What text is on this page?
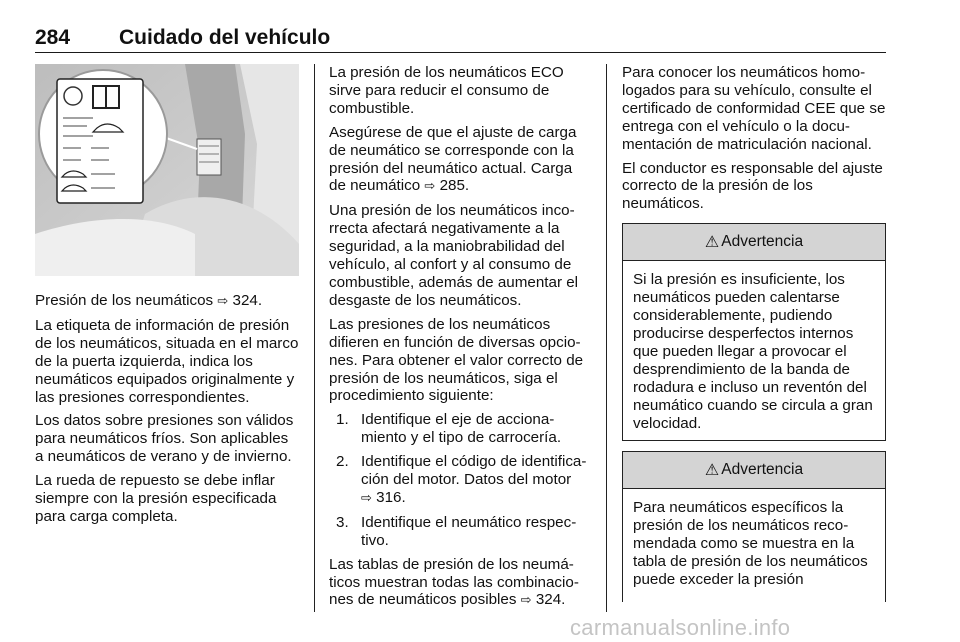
284 Cuidado del vehículo

Presión de los neumáticos ⇨ 324.

La etiqueta de información de presión de los neumáticos, situada en el marco de la puerta izquierda, indica los neumáticos equipados originalmente y las presiones correspondientes.

Los datos sobre presiones son válidos para neumáticos fríos. Son aplicables a neumáticos de verano y de invierno.

La rueda de repuesto se debe inflar siempre con la presión especificada para carga completa.

La presión de los neumáticos ECO sirve para reducir el consumo de combustible.

Asegúrese de que el ajuste de carga de neumático se corresponde con la presión del neumático actual. Carga de neumático ⇨ 285.

Una presión de los neumáticos incorrecta afectará negativamente a la seguridad, a la maniobrabilidad del vehículo, al confort y al consumo de combustible, además de aumentar el desgaste de los neumáticos.

Las presiones de los neumáticos difieren en función de diversas opciones. Para obtener el valor correcto de presión de los neumáticos, siga el procedimiento siguiente:

1. Identifique el eje de accionamiento y el tipo de carrocería.
2. Identifique el código de identificación del motor. Datos del motor
⇨ 316.
3. Identifique el neumático respectivo.

Las tablas de presión de los neumáticos muestran todas las combinaciones de neumáticos posibles ⇨ 324.

Para conocer los neumáticos homologados para su vehículo, consulte el certificado de conformidad CEE que se entrega con el vehículo o la documentación de matriculación nacional.

El conductor es responsable del ajuste correcto de la presión de los neumáticos.

⚠ Advertencia
Si la presión es insuficiente, los neumáticos pueden calentarse considerablemente, pudiendo producirse desperfectos internos que pueden llegar a provocar el desprendimiento de la banda de rodadura e incluso un reventón del neumático cuando se circula a gran velocidad.
⚠ Advertencia
Para neumáticos específicos la presión de los neumáticos recomendada como se muestra en la tabla de presión de los neumáticos puede exceder la presión
carmanualsonline.info
